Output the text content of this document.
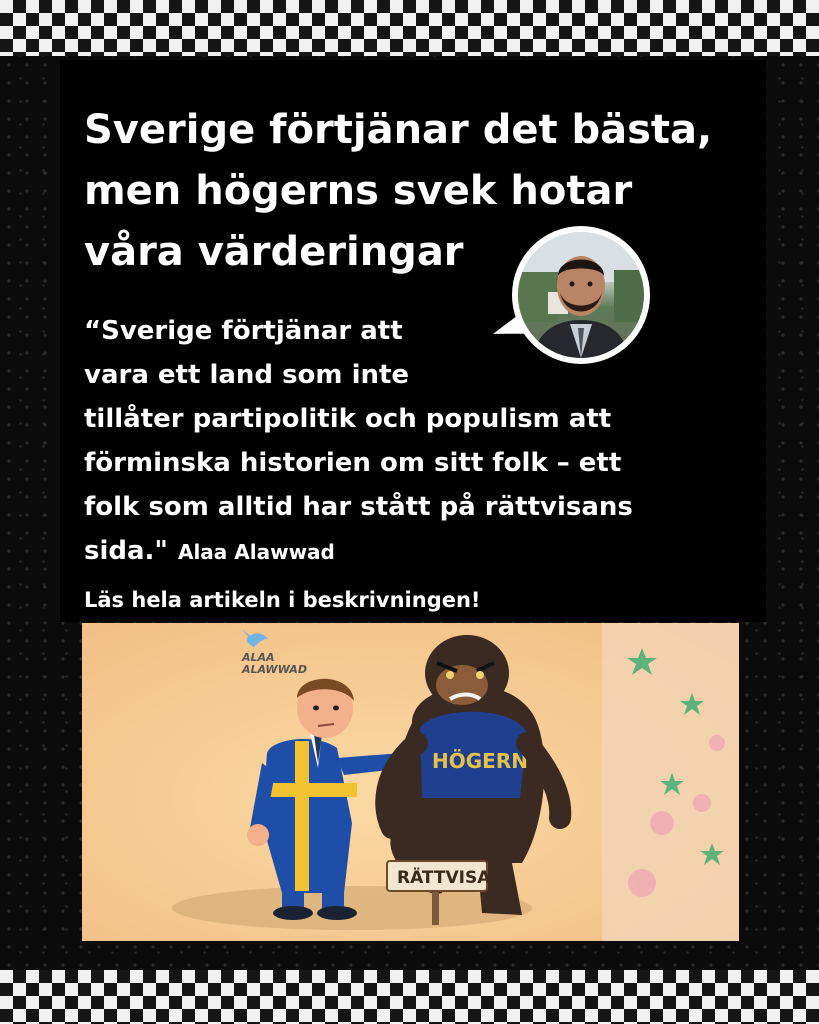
Sverige förtjänar det bästa,
men högerns svek hotar
våra värderingar

“Sverige förtjänar att
vara ett land som inte
tillåter partipolitik och populism att
förminska historien om sitt folk – ett
folk som alltid har stått på rättvisans
sida." Alaa Alawwad

Läs hela artikeln i beskrivningen!

ALAA
ALAWWAD
HÖGERN
RÄTTVISA
